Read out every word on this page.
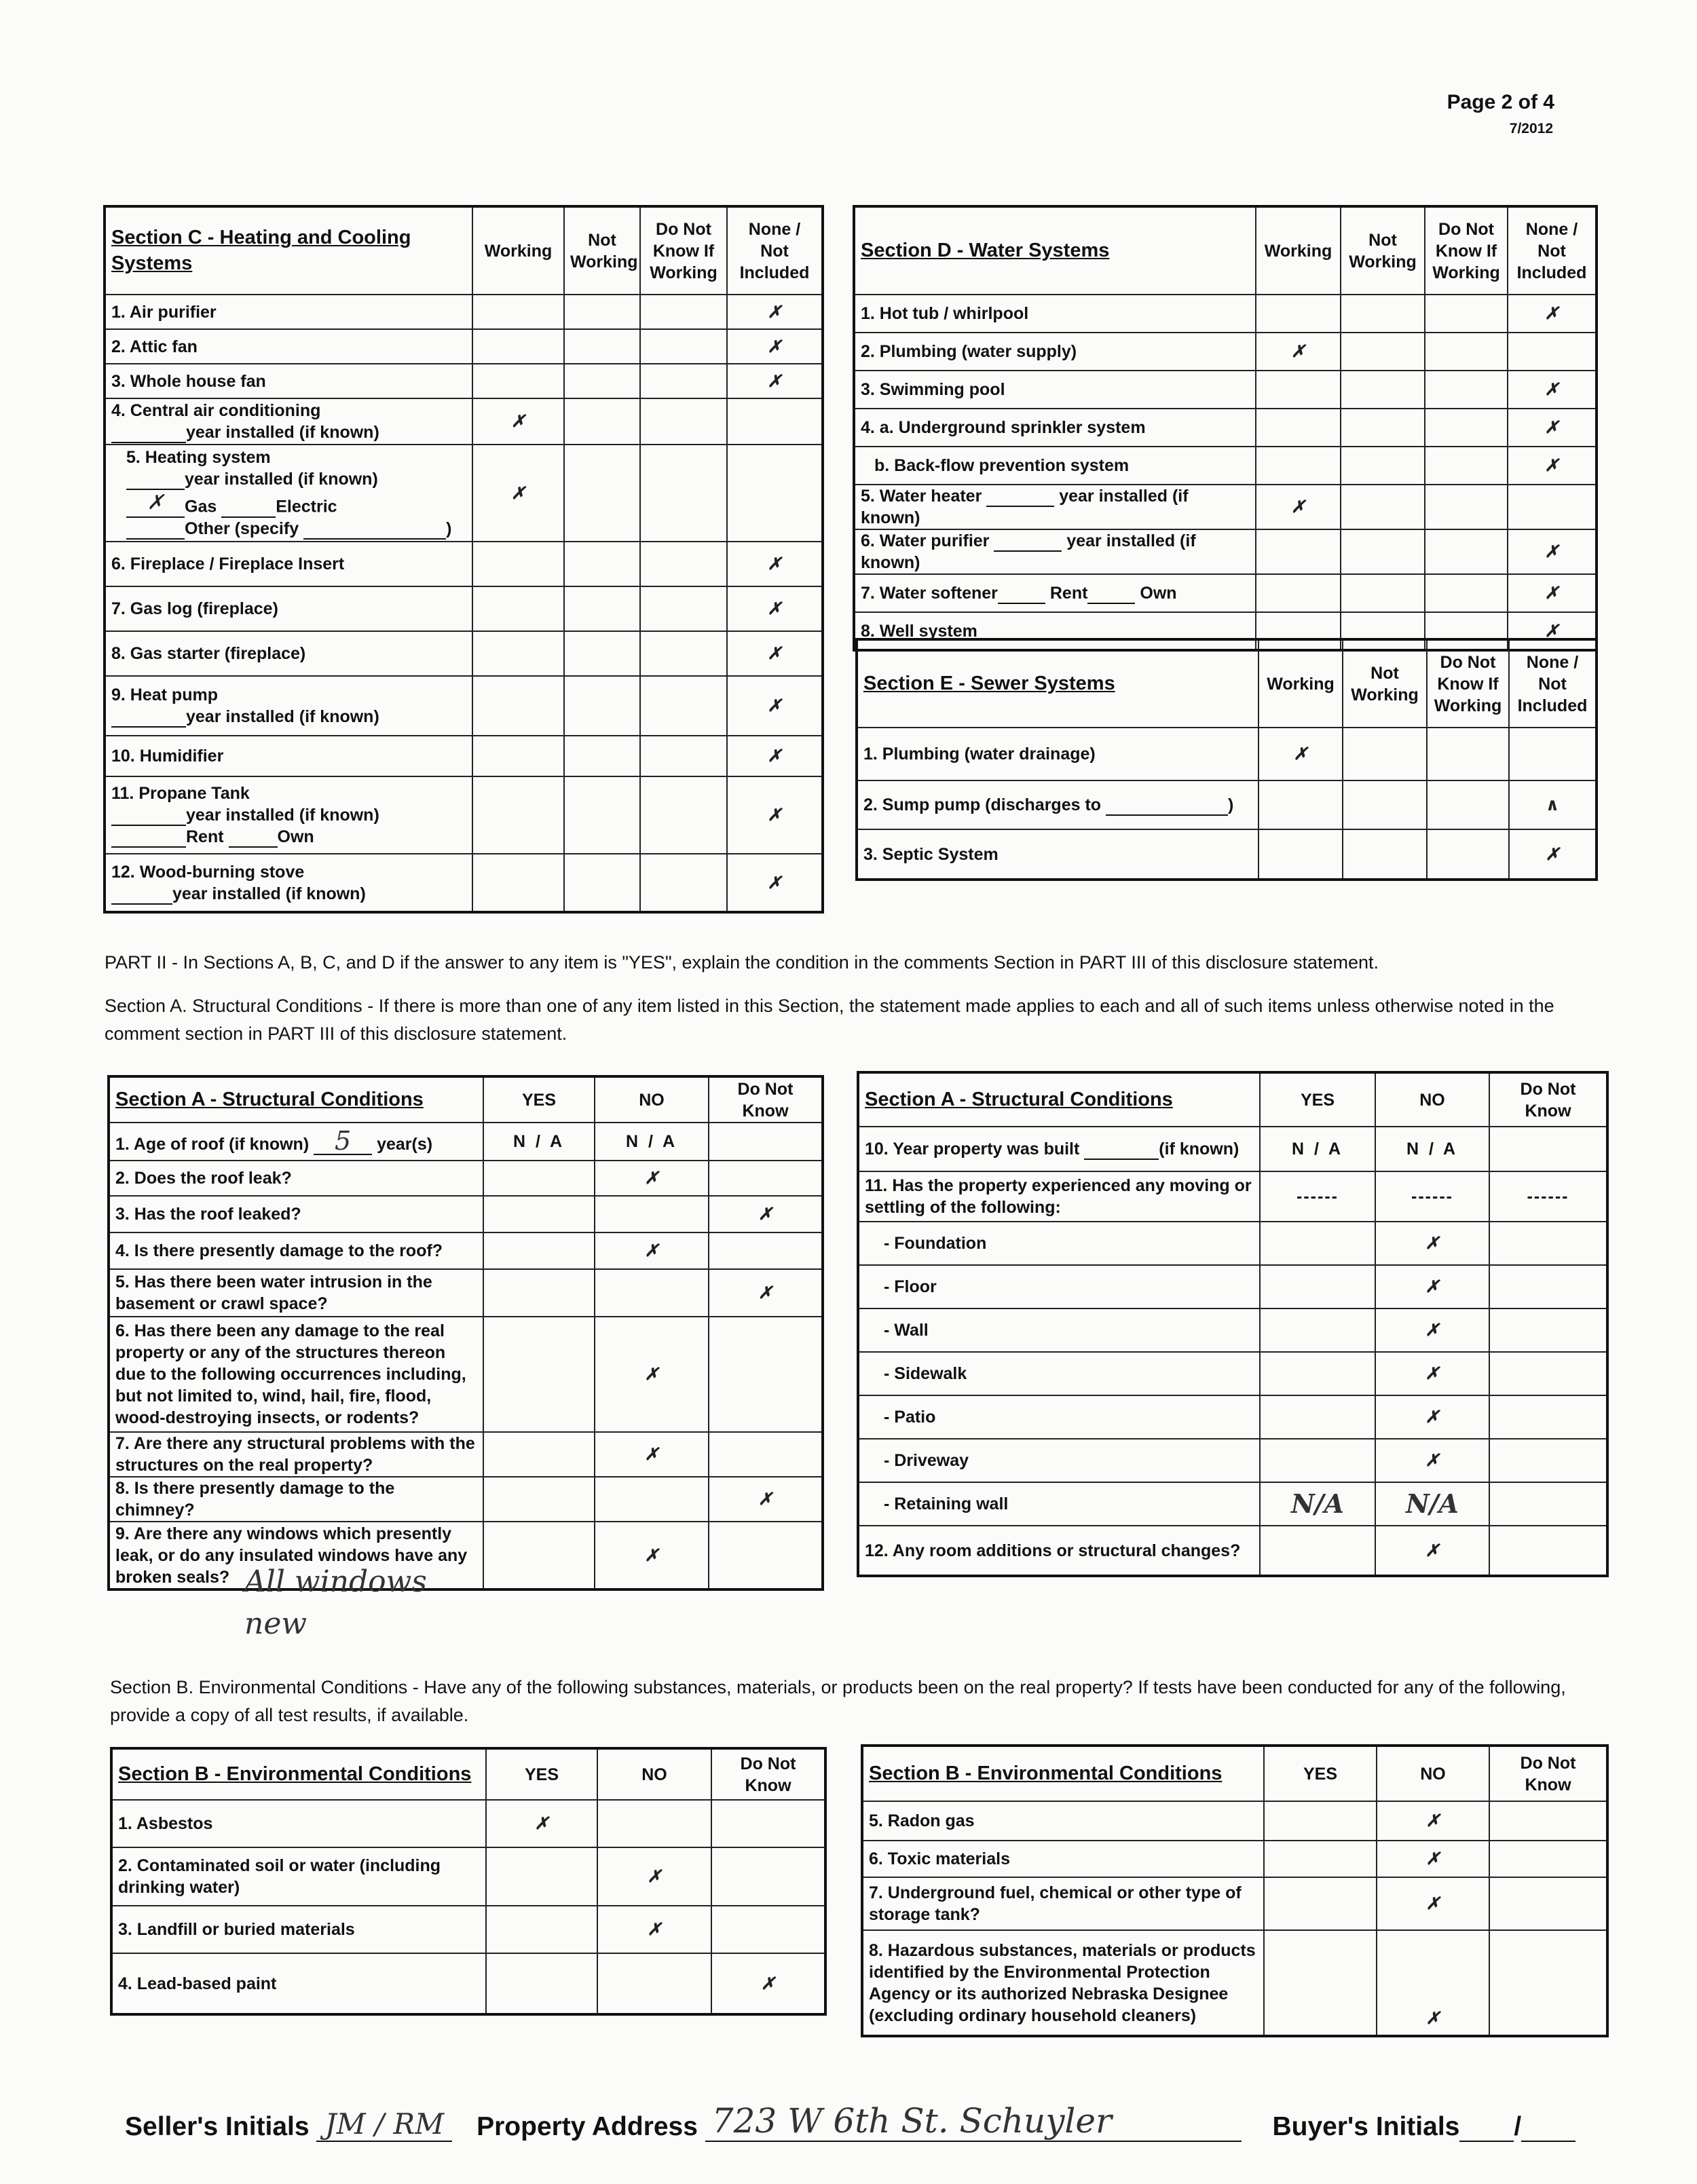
Page 2 of 4
7/2012
Section C - Heating and Cooling Systems	Working	Not Working	Do Not Know If Working	None / Not Included
1. Air purifier				✗
2. Attic fan				✗
3. Whole house fan				✗
4. Central air conditioning
year installed (if known)	✗			
5. Heating system
year installed (if known)
✗ Gas Electric
Other (specify )	✗			
6. Fireplace / Fireplace Insert				✗
7. Gas log (fireplace)				✗
8. Gas starter (fireplace)				✗
9. Heat pump
year installed (if known)				✗
10. Humidifier				✗
11. Propane Tank
year installed (if known)
Rent Own				✗
12. Wood-burning stove
year installed (if known)				✗
Section D - Water Systems	Working	Not Working	Do Not Know If Working	None / Not Included
1. Hot tub / whirlpool				✗
2. Plumbing (water supply)	✗			
3. Swimming pool				✗
4. a. Underground sprinkler system				✗
b. Back-flow prevention system				✗
5. Water heater year installed (if known)	✗			
6. Water purifier year installed (if known)				✗
7. Water softener Rent Own				✗
8. Well system				✗
Section E - Sewer Systems	Working	Not Working	Do Not Know If Working	None / Not Included
1. Plumbing (water drainage)	✗			
2. Sump pump (discharges to )				∧
3. Septic System				✗
PART II - In Sections A, B, C, and D if the answer to any item is "YES", explain the condition in the comments Section in PART III of this disclosure statement.
Section A. Structural Conditions - If there is more than one of any item listed in this Section, the statement made applies to each and all of such items unless otherwise noted in the comment section in PART III of this disclosure statement.
Section A - Structural Conditions	YES	NO	Do Not Know
1. Age of roof (if known) 5 year(s)	N / A	N / A	
2. Does the roof leak?		✗	
3. Has the roof leaked?			✗
4. Is there presently damage to the roof?		✗	
5. Has there been water intrusion in the basement or crawl space?			✗
6. Has there been any damage to the real property or any of the structures thereon due to the following occurrences including, but not limited to, wind, hail, fire, flood, wood-destroying insects, or rodents?		✗	
7. Are there any structural problems with the structures on the real property?		✗	
8. Is there presently damage to the chimney?			✗
9. Are there any windows which presently leak, or do any insulated windows have any broken seals?		✗	
All windows new
Section A - Structural Conditions	YES	NO	Do Not Know
10. Year property was built (if known)	N / A	N / A	
11. Has the property experienced any moving or settling of the following:	------	------	------
- Foundation		✗	
- Floor		✗	
- Wall		✗	
- Sidewalk		✗	
- Patio		✗	
- Driveway		✗	
- Retaining wall	N/A	N/A	
12. Any room additions or structural changes?		✗	
Section B. Environmental Conditions - Have any of the following substances, materials, or products been on the real property? If tests have been conducted for any of the following, provide a copy of all test results, if available.
Section B - Environmental Conditions	YES	NO	Do Not Know
1. Asbestos	✗		
2. Contaminated soil or water (including drinking water)		✗	
3. Landfill or buried materials		✗	
4. Lead-based paint			✗
Section B - Environmental Conditions	YES	NO	Do Not Know
5. Radon gas		✗	
6. Toxic materials		✗	
7. Underground fuel, chemical or other type of storage tank?		✗	
8. Hazardous substances, materials or products identified by the Environmental Protection Agency or its authorized Nebraska Designee (excluding ordinary household cleaners)		✗	
Seller's Initials JM / RM Property Address 723 W 6th St. Schuyler	Buyer's Initials /
